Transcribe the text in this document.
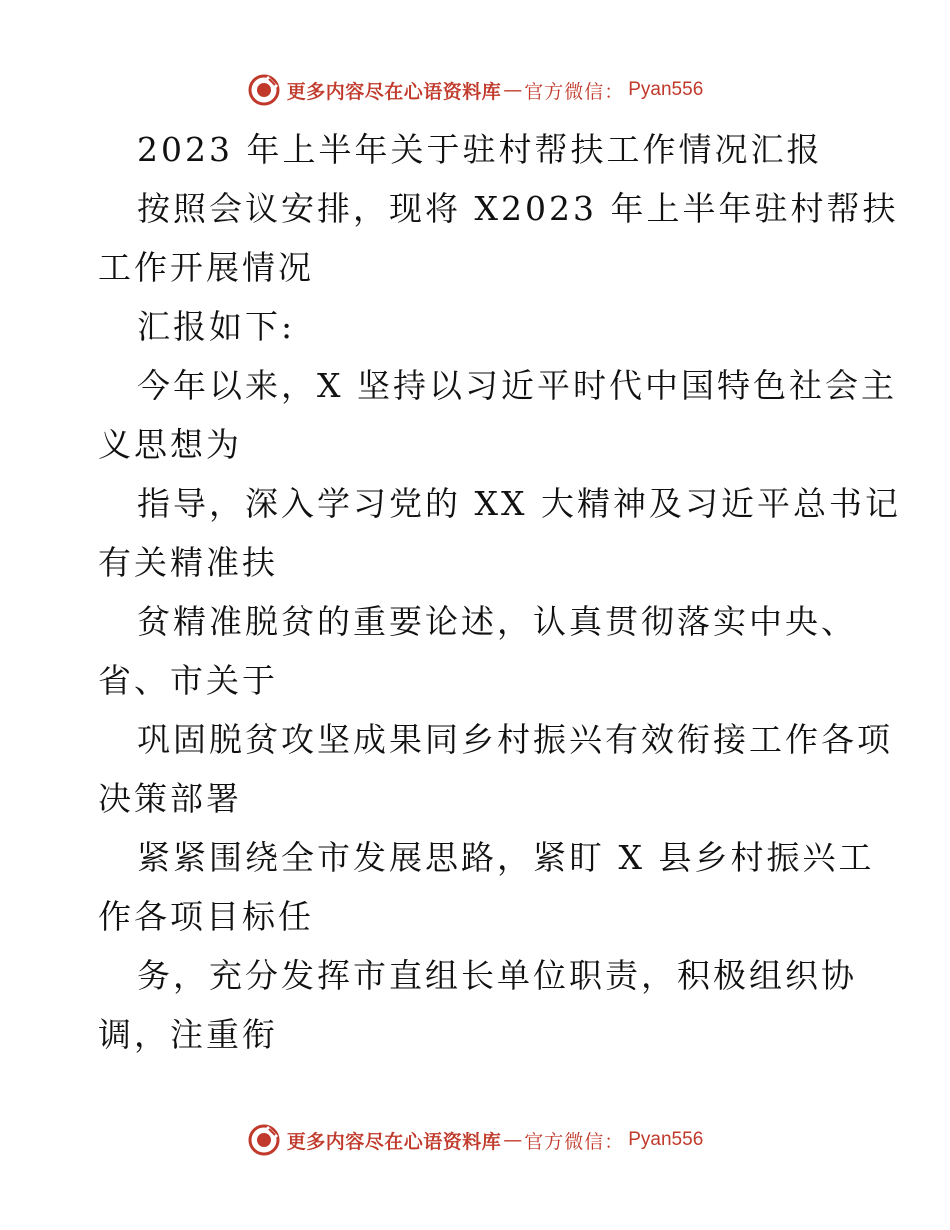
更多内容尽在心语资料库 — 官方微信： Pyan556
2023 年上半年关于驻村帮扶工作情况汇报
按照会议安排，现将 X2023 年上半年驻村帮扶
工作开展情况
汇报如下:
今年以来，X 坚持以习近平时代中国特色社会主
义思想为
指导，深入学习党的 XX 大精神及习近平总书记
有关精准扶
贫精准脱贫的重要论述，认真贯彻落实中央、
省、市关于
巩固脱贫攻坚成果同乡村振兴有效衔接工作各项
决策部署
紧紧围绕全市发展思路，紧盯 X 县乡村振兴工
作各项目标任
务，充分发挥市直组长单位职责，积极组织协
调，注重衔
更多内容尽在心语资料库 — 官方微信： Pyan556
